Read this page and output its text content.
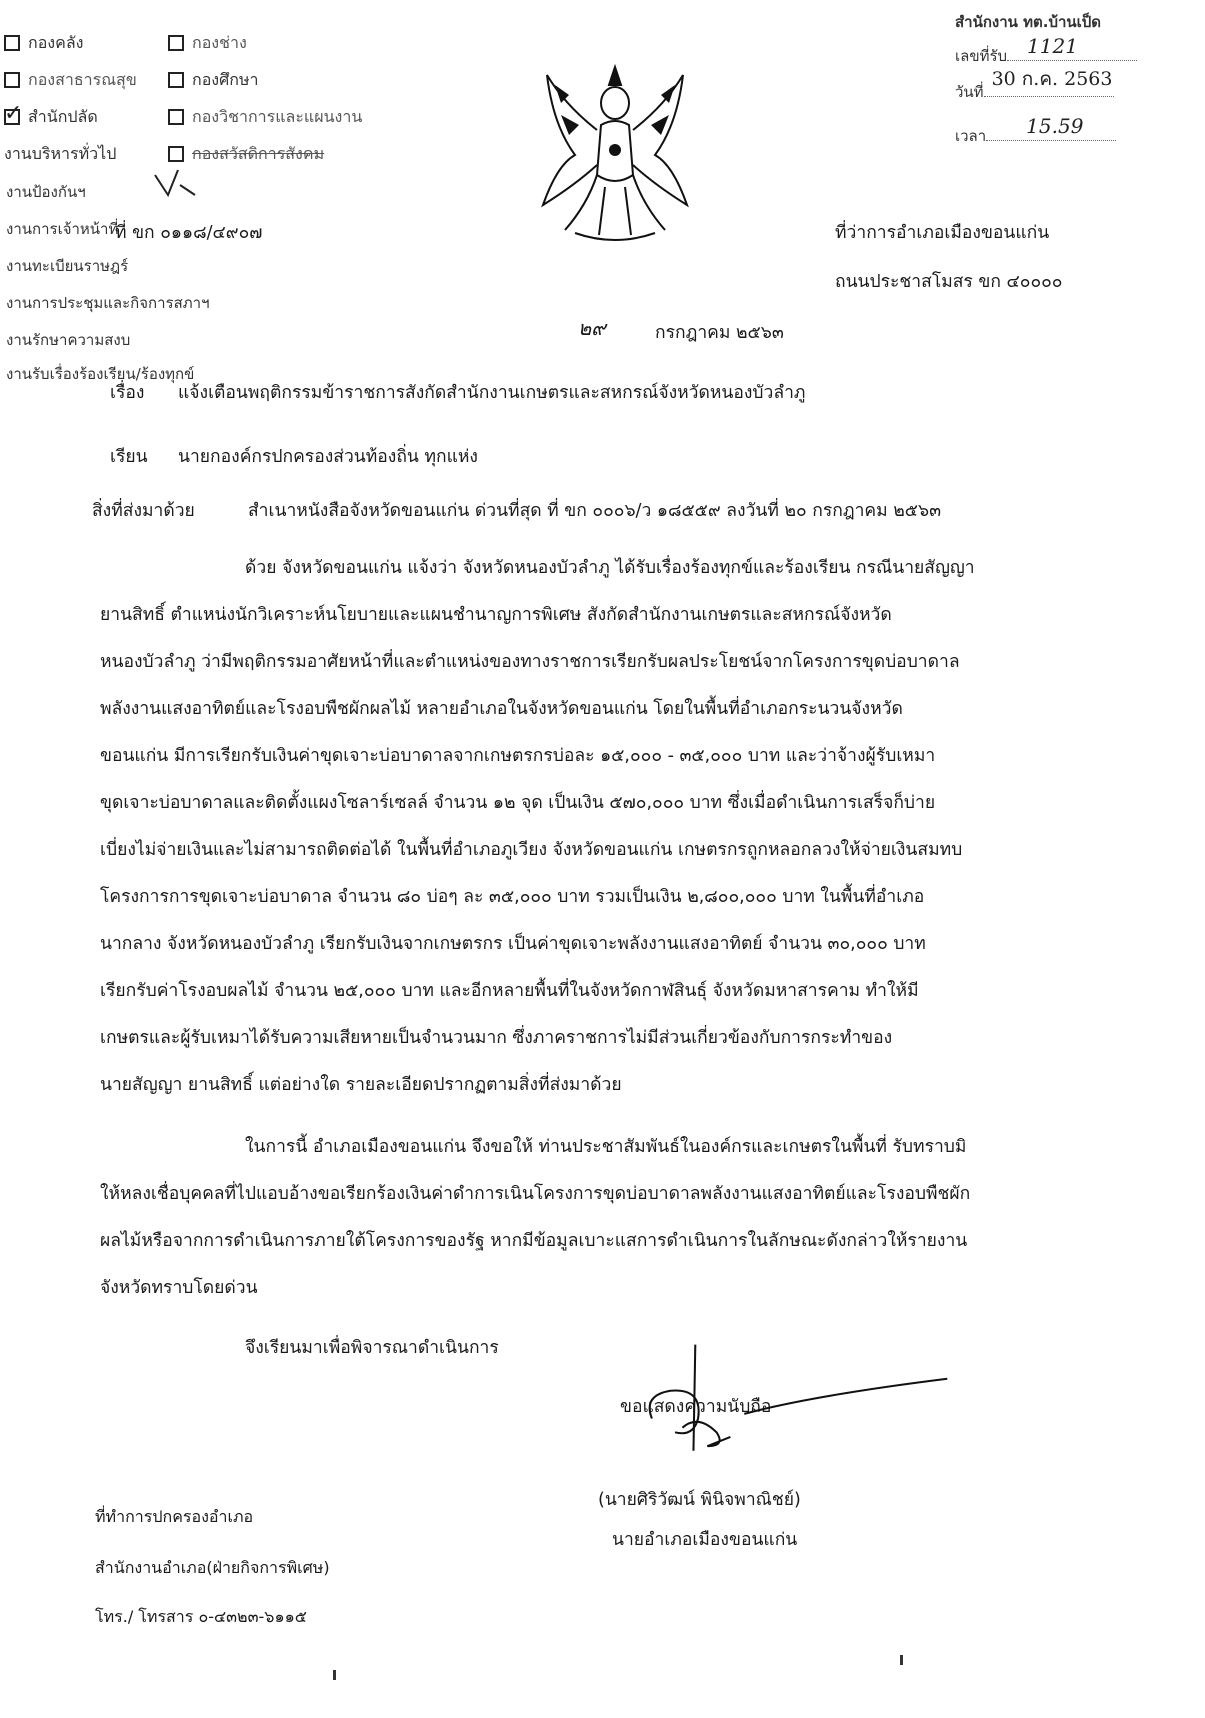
กองคลัง	กองช่าง
กองสาธารณสุข	กองศึกษา
✓
สำนักปลัด	กองวิชาการและแผนงาน
งานบริหารทั่วไป	กองสวัสดิการสังคม
งานป้องกันฯ
งานการเจ้าหน้าที่
งานทะเบียนราษฎร์
งานการประชุมและกิจการสภาฯ
งานรักษาความสงบ
งานรับเรื่องร้องเรียน/ร้องทุกข์
สำนักงาน ทต.บ้านเป็ด
เลขที่รับ 1121
วันที่
30 ก.ค. 2563
เวลา 15.59
ที่ ขก ๐๑๑๘/๔๙๐๗	ที่ว่าการอำเภอเมืองขอนแก่น
ถนนประชาสโมสร ขก ๔๐๐๐๐
๒๙	กรกฎาคม ๒๕๖๓
เรื่อง แจ้งเตือนพฤติกรรมข้าราชการสังกัดสำนักงานเกษตรและสหกรณ์จังหวัดหนองบัวลำภู
เรียน นายกองค์กรปกครองส่วนท้องถิ่น ทุกแห่ง
สิ่งที่ส่งมาด้วย	สำเนาหนังสือจังหวัดขอนแก่น ด่วนที่สุด ที่ ขก ๐๐๐๖/ว ๑๘๕๕๙ ลงวันที่ ๒๐ กรกฎาคม ๒๕๖๓
ด้วย จังหวัดขอนแก่น แจ้งว่า จังหวัดหนองบัวลำภู ได้รับเรื่องร้องทุกข์และร้องเรียน กรณีนายสัญญา
ยานสิทธิ์ ตำแหน่งนักวิเคราะห์นโยบายและแผนชำนาญการพิเศษ สังกัดสำนักงานเกษตรและสหกรณ์จังหวัด
หนองบัวลำภู ว่ามีพฤติกรรมอาศัยหน้าที่และตำแหน่งของทางราชการเรียกรับผลประโยชน์จากโครงการขุดบ่อบาดาล
พลังงานแสงอาทิตย์และโรงอบพืชผักผลไม้ หลายอำเภอในจังหวัดขอนแก่น โดยในพื้นที่อำเภอกระนวนจังหวัด
ขอนแก่น มีการเรียกรับเงินค่าขุดเจาะบ่อบาดาลจากเกษตรกรบ่อละ ๑๕,๐๐๐ - ๓๕,๐๐๐ บาท และว่าจ้างผู้รับเหมา
ขุดเจาะบ่อบาดาลและติดตั้งแผงโซลาร์เซลล์ จำนวน ๑๒ จุด เป็นเงิน ๕๗๐,๐๐๐ บาท ซึ่งเมื่อดำเนินการเสร็จก็บ่าย
เบี่ยงไม่จ่ายเงินและไม่สามารถติดต่อได้ ในพื้นที่อำเภอภูเวียง จังหวัดขอนแก่น เกษตรกรถูกหลอกลวงให้จ่ายเงินสมทบ
โครงการการขุดเจาะบ่อบาดาล จำนวน ๘๐ บ่อๆ ละ ๓๕,๐๐๐ บาท รวมเป็นเงิน ๒,๘๐๐,๐๐๐ บาท ในพื้นที่อำเภอ
นากลาง จังหวัดหนองบัวลำภู เรียกรับเงินจากเกษตรกร เป็นค่าขุดเจาะพลังงานแสงอาทิตย์ จำนวน ๓๐,๐๐๐ บาท
เรียกรับค่าโรงอบผลไม้ จำนวน ๒๕,๐๐๐ บาท และอีกหลายพื้นที่ในจังหวัดกาฬสินธุ์ จังหวัดมหาสารคาม ทำให้มี
เกษตรและผู้รับเหมาได้รับความเสียหายเป็นจำนวนมาก ซึ่งภาคราชการไม่มีส่วนเกี่ยวข้องกับการกระทำของ
นายสัญญา ยานสิทธิ์ แต่อย่างใด รายละเอียดปรากฏตามสิ่งที่ส่งมาด้วย
ในการนี้ อำเภอเมืองขอนแก่น จึงขอให้ ท่านประชาสัมพันธ์ในองค์กรและเกษตรในพื้นที่ รับทราบมิ
ให้หลงเชื่อบุคคลที่ไปแอบอ้างขอเรียกร้องเงินค่าดำการเนินโครงการขุดบ่อบาดาลพลังงานแสงอาทิตย์และโรงอบพืชผัก
ผลไม้หรือจากการดำเนินการภายใต้โครงการของรัฐ หากมีข้อมูลเบาะแสการดำเนินการในลักษณะดังกล่าวให้รายงาน
จังหวัดทราบโดยด่วน
จึงเรียนมาเพื่อพิจารณาดำเนินการ
ขอแสดงความนับถือ
(นายศิริวัฒน์ พินิจพาณิชย์)
นายอำเภอเมืองขอนแก่น
ที่ทำการปกครองอำเภอ
สำนักงานอำเภอ(ฝ่ายกิจการพิเศษ)
โทร./ โทรสาร ๐-๔๓๒๓-๖๑๑๕
